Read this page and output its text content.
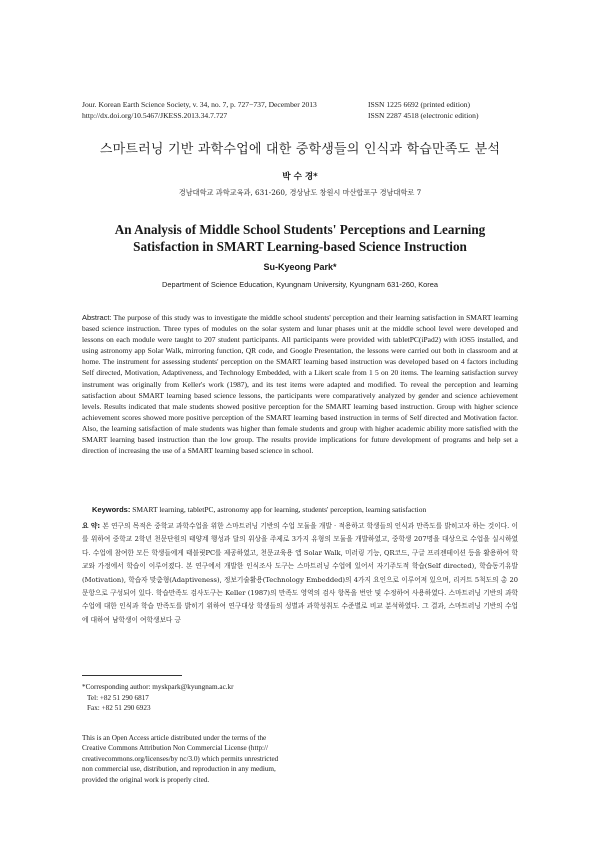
Jour. Korean Earth Science Society, v. 34, no. 7, p. 727−737, December 2013	ISSN 1225 6692 (printed edition)
http://dx.doi.org/10.5467/JKESS.2013.34.7.727	ISSN 2287 4518 (electronic edition)
스마트러닝 기반 과학수업에 대한 중학생들의 인식과 학습만족도 분석
박 수 경*
경남대학교 과학교육과, 631-260, 경상남도 창원시 마산합포구 경남대학로 7
An Analysis of Middle School Students' Perceptions and Learning
Satisfaction in SMART Learning-based Science Instruction
Su-Kyeong Park*
Department of Science Education, Kyungnam University, Kyungnam 631-260, Korea
Abstract: The purpose of this study was to investigate the middle school students' perception and their learning satisfaction in SMART learning based science instruction. Three types of modules on the solar system and lunar phases unit at the middle school level were developed and lessons on each module were taught to 207 student participants. All participants were provided with tabletPC(iPad2) with iOS5 installed, and using astronomy app Solar Walk, mirroring function, QR code, and Google Presentation, the lessons were carried out both in classroom and at home. The instrument for assessing students' perception on the SMART learning based instruction was developed based on 4 factors including Self directed, Motivation, Adaptiveness, and Technology Embedded, with a Likert scale from 1 5 on 20 items. The learning satisfaction survey instrument was originally from Keller's work (1987), and its test items were adapted and modified. To reveal the perception and learning satisfaction about SMART learning based science lessons, the participants were comparatively analyzed by gender and science achievement levels. Results indicated that male students showed positive perception for the SMART learning based instruction. Group with higher science achievement scores showed more positive perception of the SMART learning based instruction in terms of Self directed and Motivation factor. Also, the learning satisfaction of male students was higher than female students and group with higher academic ability more satisfied with the SMART learning based instruction than the low group. The results provide implications for future development of programs and help set a direction of increasing the use of a SMART learning based science in school.
Keywords: SMART learning, tabletPC, astronomy app for learning, students' perception, learning satisfaction
요 약: 본 연구의 목적은 중학교 과학수업을 위한 스마트러닝 기반의 수업 모듈을 개발 · 적용하고 학생들의 인식과 만족도를 밝히고자 하는 것이다. 이를 위하여 중학교 2학년 천문단원의 태양계 행성과 달의 위상을 주제로 3가지 유형의 모듈을 개발하였고, 중학생 207명을 대상으로 수업을 실시하였다. 수업에 참여한 모든 학생들에게 태블릿PC를 제공하였고, 천문교육용 앱 Solar Walk, 미러링 기능, QR코드, 구글 프리젠테이션 등을 활용하여 학교와 가정에서 학습이 이루어졌다. 본 연구에서 개발한 인식조사 도구는 스마트러닝 수업에 있어서 자기주도적 학습(Self directed), 학습동기유발(Motivation), 학습자 맞춤형(Adaptiveness), 정보기술활용(Technology Embedded)의 4가지 요인으로 이루어져 있으며, 리커트 5척도의 총 20문항으로 구성되어 있다. 학습만족도 검사도구는 Keller (1987)의 만족도 영역의 검사 항목을 번안 및 수정하여 사용하였다. 스마트러닝 기반의 과학수업에 대한 인식과 학습 만족도를 밝히기 위하여 연구대상 학생들의 성별과 과학성취도 수준별로 비교 분석하였다. 그 결과, 스마트러닝 기반의 수업에 대하여 남학생이 여학생보다 긍
*Corresponding author: myskpark@kyungnam.ac.kr
Tel: +82 51 290 6817
Fax: +82 51 290 6923
This is an Open Access article distributed under the terms of the
Creative Commons Attribution Non Commercial License (http://
creativecommons.org/licenses/by nc/3.0) which permits unrestricted
non commercial use, distribution, and reproduction in any medium,
provided the original work is properly cited.
